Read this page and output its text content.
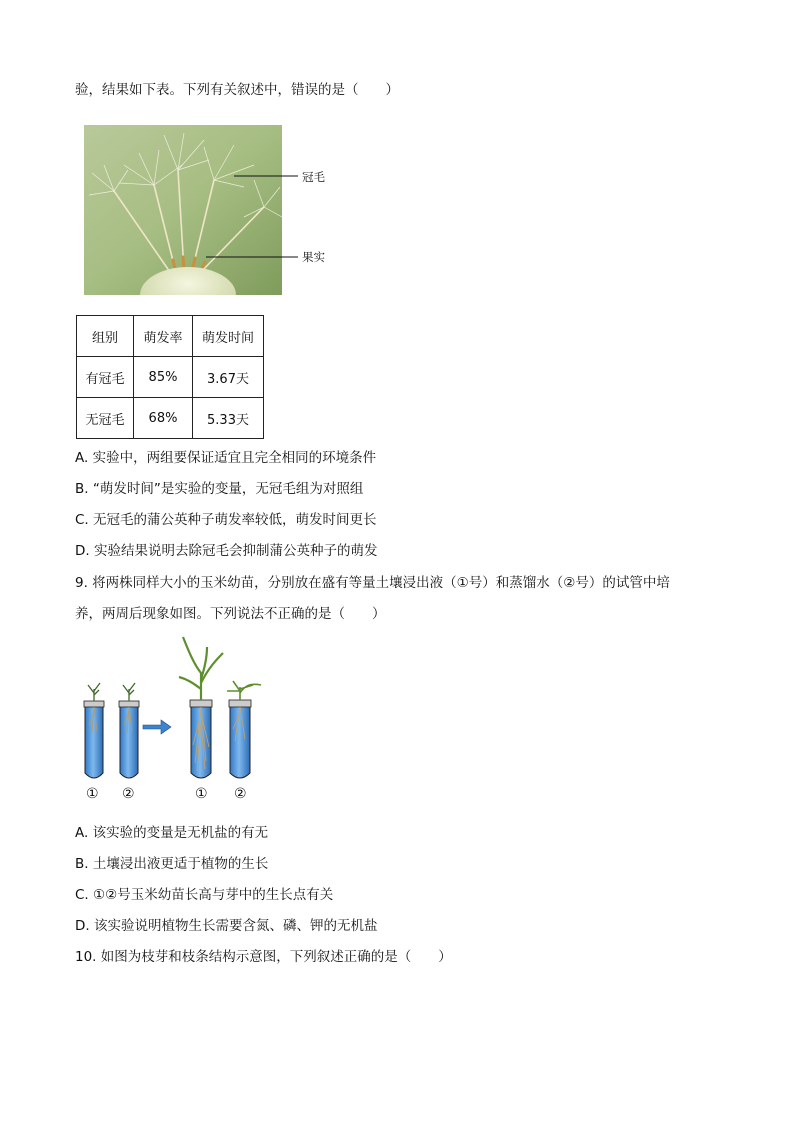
验，结果如下表。下列有关叙述中，错误的是（　　）
冠毛
果实
组别	萌发率	萌发时间
有冠毛	85%	3.67天
无冠毛	68%	5.33天
A. 实验中，两组要保证适宜且完全相同的环境条件
B. “萌发时间”是实验的变量，无冠毛组为对照组
C. 无冠毛的蒲公英种子萌发率较低，萌发时间更长
D. 实验结果说明去除冠毛会抑制蒲公英种子的萌发
9. 将两株同样大小的玉米幼苗，分别放在盛有等量土壤浸出液（①号）和蒸馏水（②号）的试管中培
养，两周后现象如图。下列说法不正确的是（　　）
① ②	① ②
A. 该实验的变量是无机盐的有无
B. 土壤浸出液更适于植物的生长
C. ①②号玉米幼苗长高与芽中的生长点有关
D. 该实验说明植物生长需要含氮、磷、钾的无机盐
10. 如图为枝芽和枝条结构示意图，下列叙述正确的是（　　）
